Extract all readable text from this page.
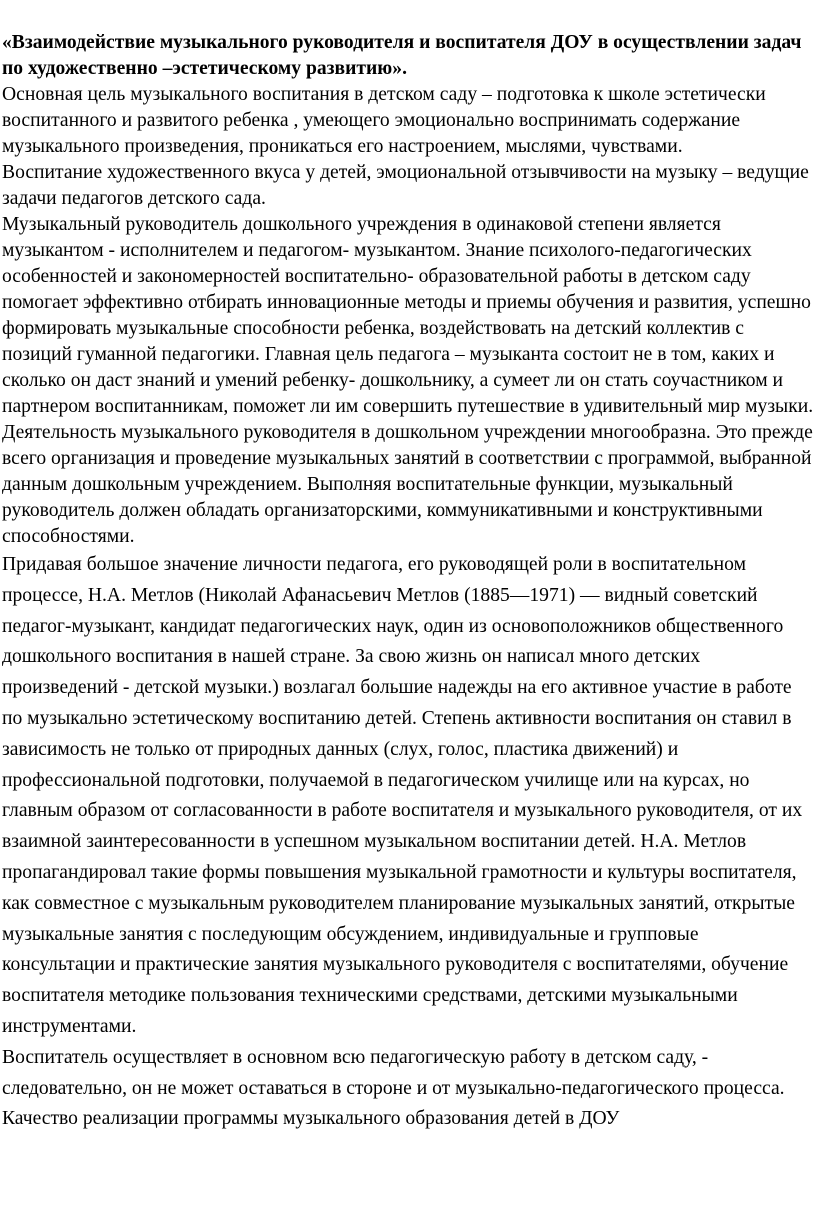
«Взаимодействие музыкального руководителя и воспитателя ДОУ в осуществлении задач по художественно –эстетическому развитию».

Основная цель музыкального воспитания в детском саду – подготовка к школе эстетически воспитанного и развитого ребенка , умеющего эмоционально воспринимать содержание музыкального произведения, проникаться его настроением, мыслями, чувствами.

Воспитание художественного вкуса у детей, эмоциональной отзывчивости на музыку – ведущие задачи педагогов детского сада.

Музыкальный руководитель дошкольного учреждения в одинаковой степени является музыкантом - исполнителем и педагогом- музыкантом. Знание психолого-педагогических особенностей и закономерностей воспитательно- образовательной работы в детском саду помогает эффективно отбирать инновационные методы и приемы обучения и развития, успешно формировать музыкальные способности ребенка, воздействовать на детский коллектив с позиций гуманной педагогики. Главная цель педагога – музыканта состоит не в том, каких и сколько он даст знаний и умений ребенку- дошкольнику, а сумеет ли он стать соучастником и партнером воспитанникам, поможет ли им совершить путешествие в удивительный мир музыки.

Деятельность музыкального руководителя в дошкольном учреждении многообразна. Это прежде всего организация и проведение музыкальных занятий в соответствии с программой, выбранной данным дошкольным учреждением. Выполняя воспитательные функции, музыкальный руководитель должен обладать организаторскими, коммуникативными и конструктивными способностями.

Придавая большое значение личности педагога, его руководящей роли в воспитательном процессе, Н.А. Метлов (Николай Афанасьевич Метлов (1885—1971) — видный советский педагог-музыкант, кандидат педагогических наук, один из основоположников общественного дошкольного воспитания в нашей стране. За свою жизнь он написал много детских произведений - детской музыки.) возлагал большие надежды на его активное участие в работе по музыкально эстетическому воспитанию детей. Степень активности воспитания он ставил в зависимость не только от природных данных (слух, голос, пластика движений) и профессиональной подготовки, получаемой в педагогическом училище или на курсах, но главным образом от согласованности в работе воспитателя и музыкального руководителя, от их взаимной заинтересованности в успешном музыкальном воспитании детей. Н.А. Метлов пропагандировал такие формы повышения музыкальной грамотности и культуры воспитателя, как совместное с музыкальным руководителем планирование музыкальных занятий, открытые музыкальные занятия с последующим обсуждением, индивидуальные и групповые консультации и практические занятия музыкального руководителя с воспитателями, обучение воспитателя методике пользования техническими средствами, детскими музыкальными инструментами.

Воспитатель осуществляет в основном всю педагогическую работу в детском саду, - следовательно, он не может оставаться в стороне и от музыкально-педагогического процесса. Качество реализации программы музыкального образования детей в ДОУ
